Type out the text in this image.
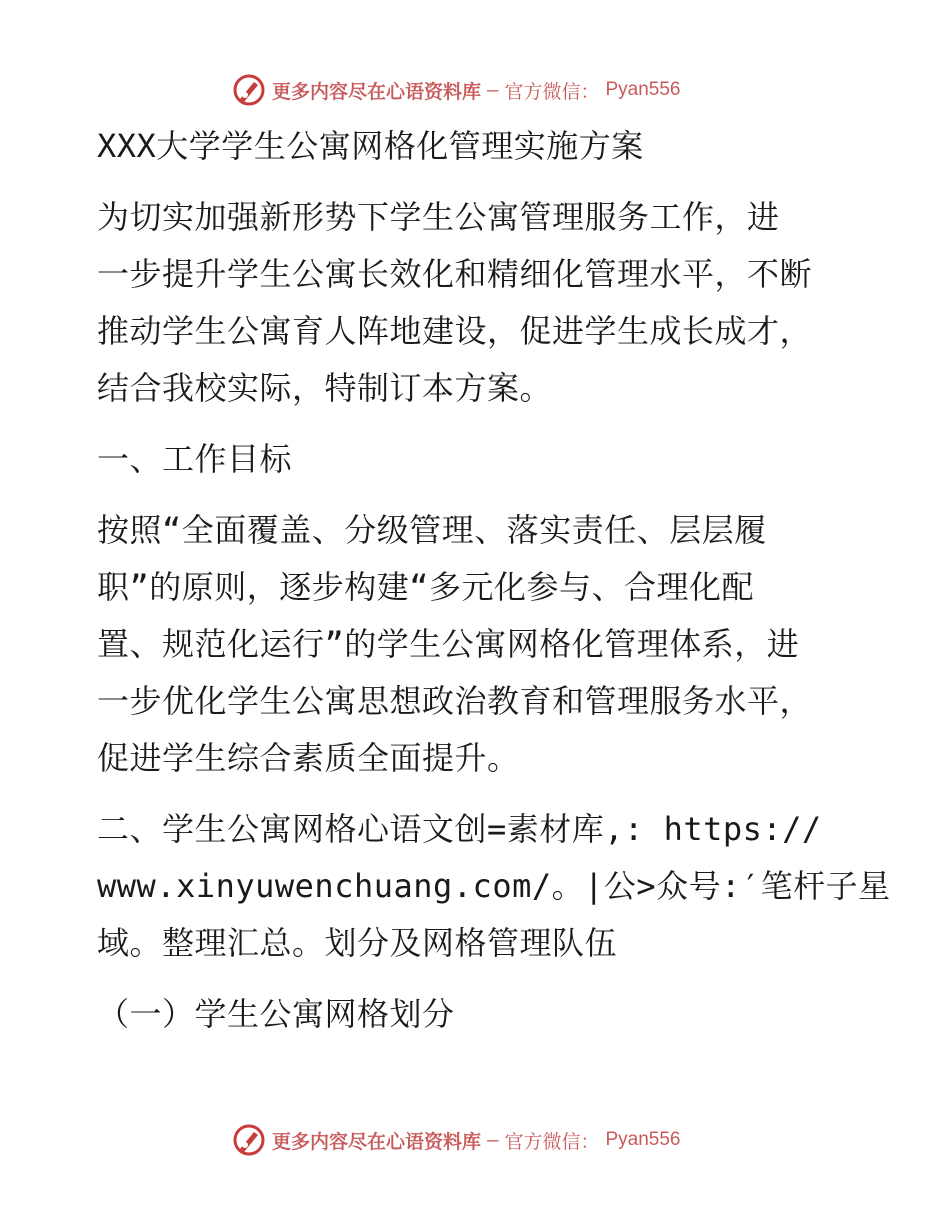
更多内容尽在心语资料库 — 官方微信： Pyan556
XXX大学学生公寓网格化管理实施方案
为切实加强新形势下学生公寓管理服务工作，进
一步提升学生公寓长效化和精细化管理水平，不断
推动学生公寓育人阵地建设，促进学生成长成才，
结合我校实际，特制订本方案。
一、工作目标
按照“全面覆盖、分级管理、落实责任、层层履
职”的原则，逐步构建“多元化参与、合理化配
置、规范化运行”的学生公寓网格化管理体系，进
一步优化学生公寓思想政治教育和管理服务水平，
促进学生综合素质全面提升。
二、学生公寓网格心语文创=素材库,: https://
www.xinyuwenchuang.com/。|公>众号:′笔杆子星
域。整理汇总。划分及网格管理队伍
（一）学生公寓网格划分
更多内容尽在心语资料库 — 官方微信： Pyan556
